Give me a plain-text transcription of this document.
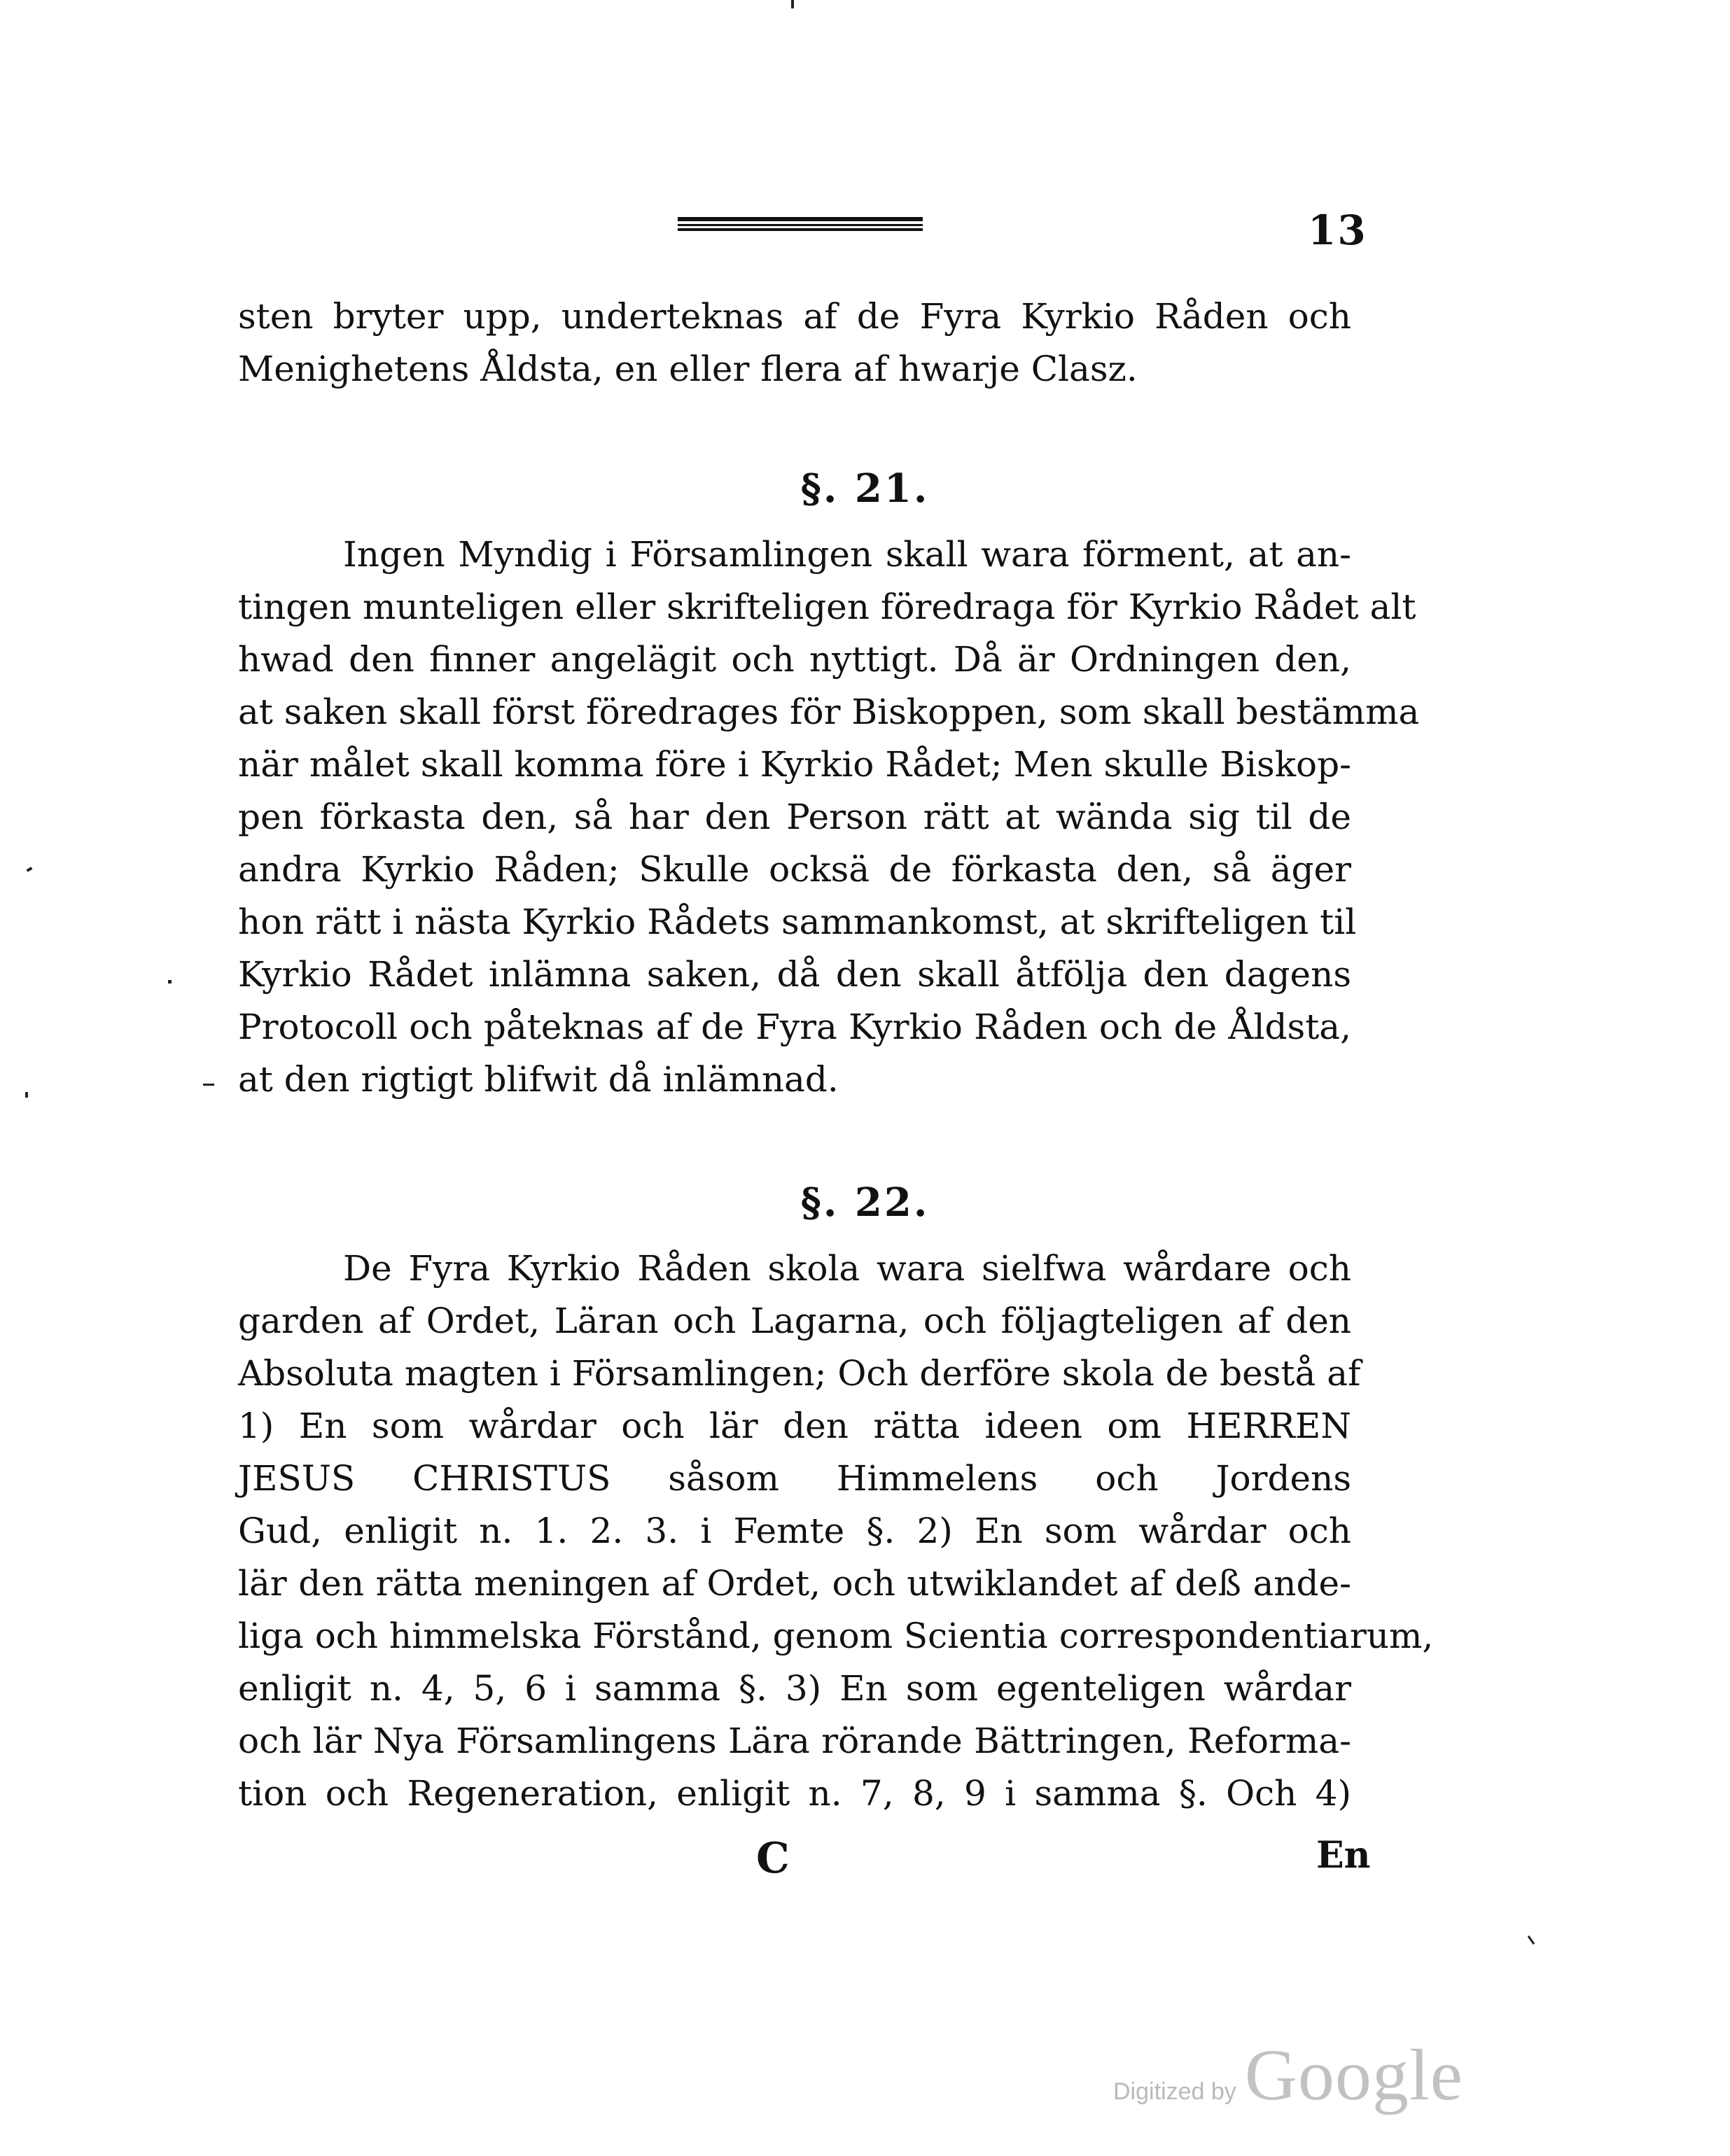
13
sten bryter upp, underteknas af de Fyra Kyrkio Råden och
Menighetens Åldsta, en eller flera af hwarje Clasz.
§. 21.
Ingen Myndig i Församlingen skall wara förment, at an-
tingen munteligen eller skrifteligen föredraga för Kyrkio Rådet alt
hwad den finner angelägit och nyttigt. Då är Ordningen den,
at saken skall först föredrages för Biskoppen, som skall bestämma
när målet skall komma före i Kyrkio Rådet; Men skulle Biskop-
pen förkasta den, så har den Person rätt at wända sig til de
andra Kyrkio Råden; Skulle ocksä de förkasta den, så äger
hon rätt i nästa Kyrkio Rådets sammankomst, at skrifteligen til
Kyrkio Rådet inlämna saken, då den skall åtfölja den dagens
Protocoll och påteknas af de Fyra Kyrkio Råden och de Åldsta,
at den rigtigt blifwit då inlämnad.
§. 22.
De Fyra Kyrkio Råden skola wara sielfwa wårdare och
garden af Ordet, Läran och Lagarna, och följagteligen af den
Absoluta magten i Församlingen; Och derföre skola de bestå af
1) En som wårdar och lär den rätta ideen om HERREN
JESUS CHRISTUS såsom Himmelens och Jordens
Gud, enligit n. 1. 2. 3. i Femte §. 2) En som wårdar och
lär den rätta meningen af Ordet, och utwiklandet af deß ande-
liga och himmelska Förstånd, genom Scientia correspondentiarum,
enligit n. 4, 5, 6 i samma §. 3) En som egenteligen wårdar
och lär Nya Församlingens Lära rörande Bättringen, Reforma-
tion och Regeneration, enligit n. 7, 8, 9 i samma §. Och 4)
C	En
Digitized by Google
